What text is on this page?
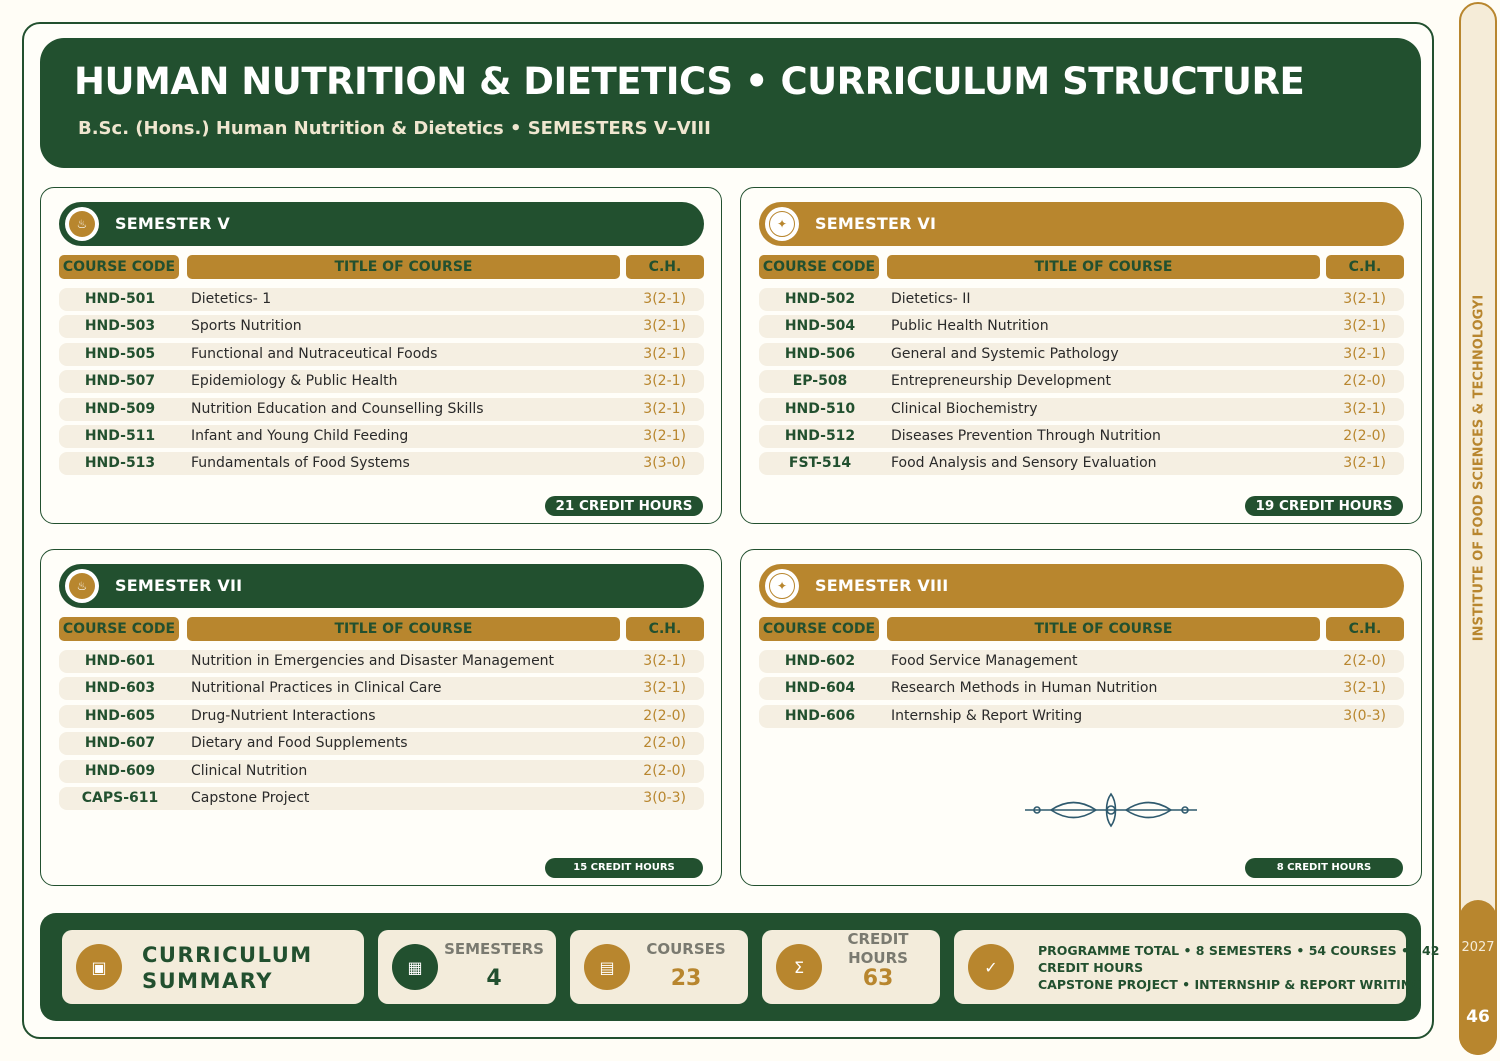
HUMAN NUTRITION & DIETETICS • CURRICULUM STRUCTURE
B.Sc. (Hons.) Human Nutrition & Dietetics • SEMESTERS V–VIII
♨	SEMESTER V
COURSE CODE	TITLE OF COURSE	C.H.
HND-501	Dietetics- 1	3(2-1)
HND-503	Sports Nutrition	3(2-1)
HND-505	Functional and Nutraceutical Foods	3(2-1)
HND-507	Epidemiology & Public Health	3(2-1)
HND-509	Nutrition Education and Counselling Skills	3(2-1)
HND-511	Infant and Young Child Feeding	3(2-1)
HND-513	Fundamentals of Food Systems	3(3-0)
21 CREDIT HOURS
✦	SEMESTER VI
COURSE CODE	TITLE OF COURSE	C.H.
HND-502	Dietetics- II	3(2-1)
HND-504	Public Health Nutrition	3(2-1)
HND-506	General and Systemic Pathology	3(2-1)
EP-508	Entrepreneurship Development	2(2-0)
HND-510	Clinical Biochemistry	3(2-1)
HND-512	Diseases Prevention Through Nutrition	2(2-0)
FST-514	Food Analysis and Sensory Evaluation	3(2-1)
19 CREDIT HOURS
♨	SEMESTER VII
COURSE CODE	TITLE OF COURSE	C.H.
HND-601	Nutrition in Emergencies and Disaster Management	3(2-1)
HND-603	Nutritional Practices in Clinical Care	3(2-1)
HND-605	Drug-Nutrient Interactions	2(2-0)
HND-607	Dietary and Food Supplements	2(2-0)
HND-609	Clinical Nutrition	2(2-0)
CAPS-611	Capstone Project	3(0-3)
15 CREDIT HOURS
✦	SEMESTER VIII
COURSE CODE	TITLE OF COURSE	C.H.
HND-602	Food Service Management	2(2-0)
HND-604	Research Methods in Human Nutrition	3(2-1)
HND-606	Internship & Report Writing	3(0-3)
8 CREDIT HOURS
▣	CURRICULUM
SUMMARY
▦
SEMESTERS
4	▤
COURSES
23	Σ
CREDIT
HOURS
63	✓
PROGRAMME TOTAL • 8 SEMESTERS • 54 COURSES • 142
CREDIT HOURS
CAPSTONE PROJECT • INTERNSHIP & REPORT WRITING
INSTITUTE OF FOOD SCIENCES & TECHNOLOGYI
2027
46
